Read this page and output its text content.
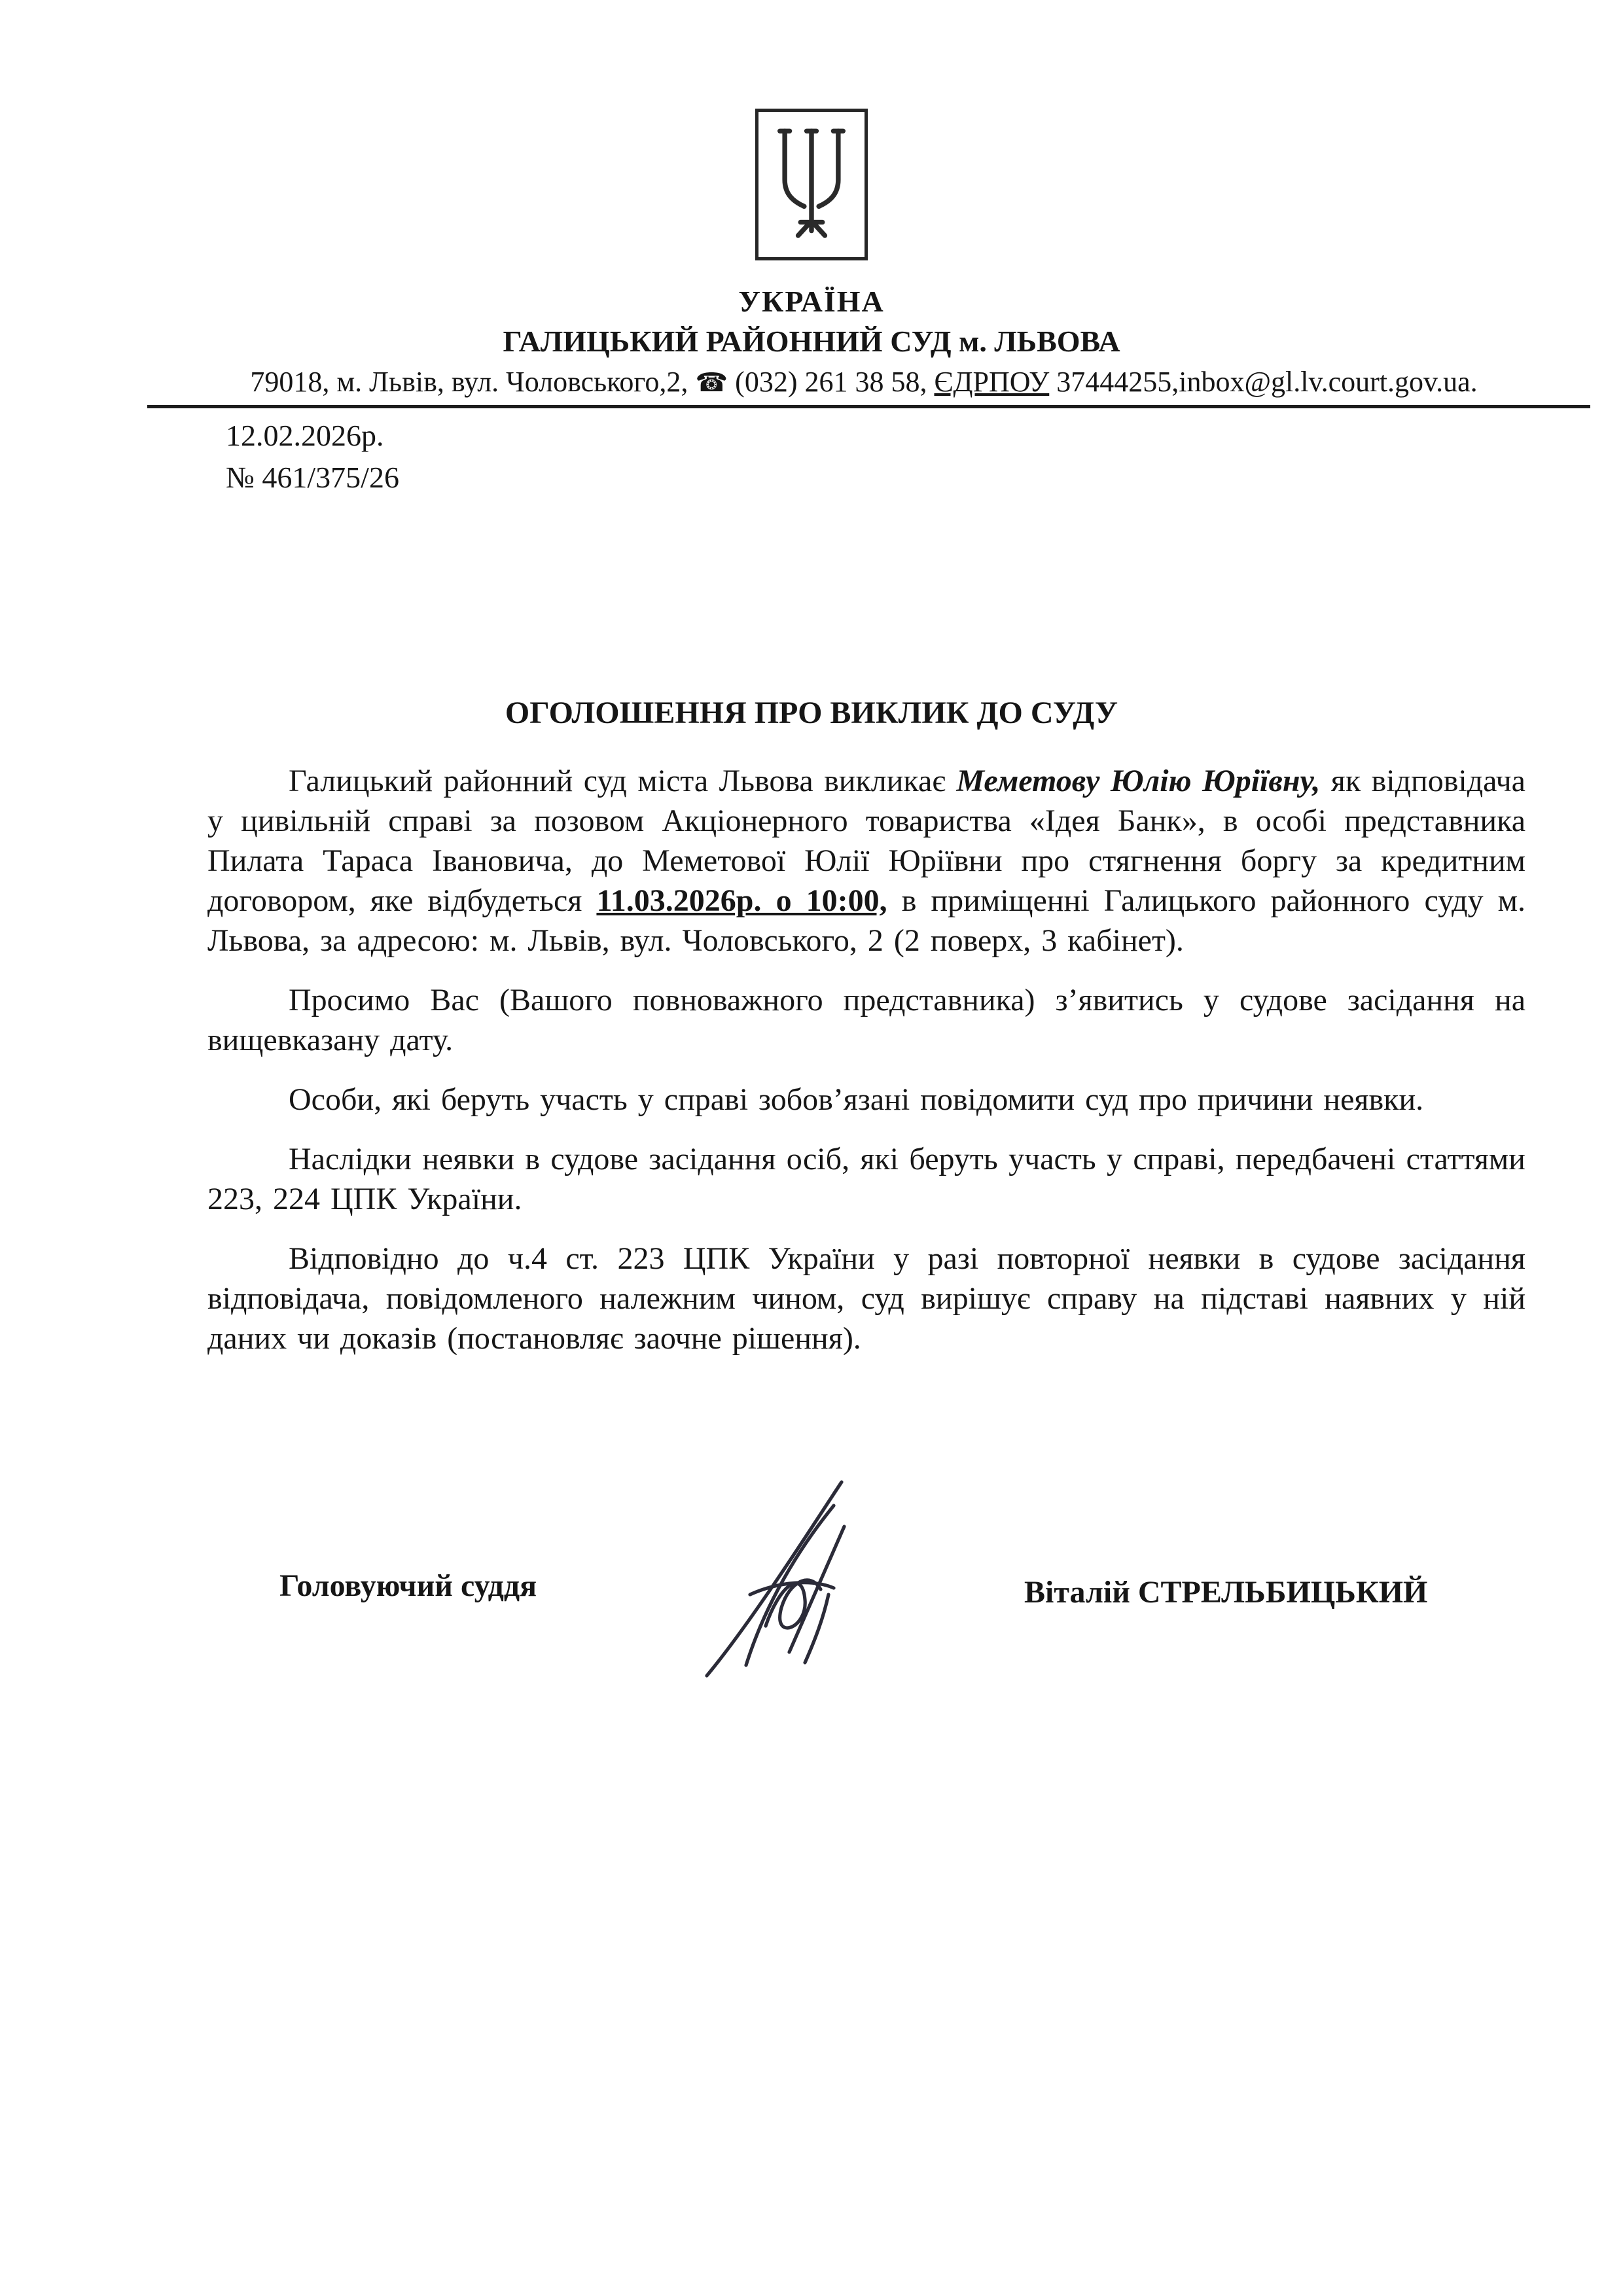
УКРАЇНА
ГАЛИЦЬКИЙ РАЙОННИЙ СУД м. ЛЬВОВА
79018, м. Львів, вул. Чоловського,2, ☎ (032) 261 38 58, ЄДРПОУ 37444255,inbox@gl.lv.court.gov.ua.
12.02.2026р.
№ 461/375/26
ОГОЛОШЕННЯ ПРО ВИКЛИК ДО СУДУ

Галицький районний суд міста Львова викликає Меметову Юлію Юріївну, як відповідача у цивільній справі за позовом Акціонерного товариства «Ідея Банк», в особі представника Пилата Тараса Івановича, до Меметової Юлії Юріївни про стягнення боргу за кредитним договором, яке відбудеться 11.03.2026р. о 10:00, в приміщенні Галицького районного суду м. Львова, за адресою: м. Львів, вул. Чоловського, 2 (2 поверх, 3 кабінет).

Просимо Вас (Вашого повноважного представника) з’явитись у судове засідання на вищевказану дату.

Особи, які беруть участь у справі зобов’язані повідомити суд про причини неявки.

Наслідки неявки в судове засідання осіб, які беруть участь у справі, передбачені статтями 223, 224 ЦПК України.

Відповідно до ч.4 ст. 223 ЦПК України у разі повторної неявки в судове засідання відповідача, повідомленого належним чином, суд вирішує справу на підставі наявних у ній даних чи доказів (постановляє заочне рішення).

Головуючий суддя	Віталій СТРЕЛЬБИЦЬКИЙ
